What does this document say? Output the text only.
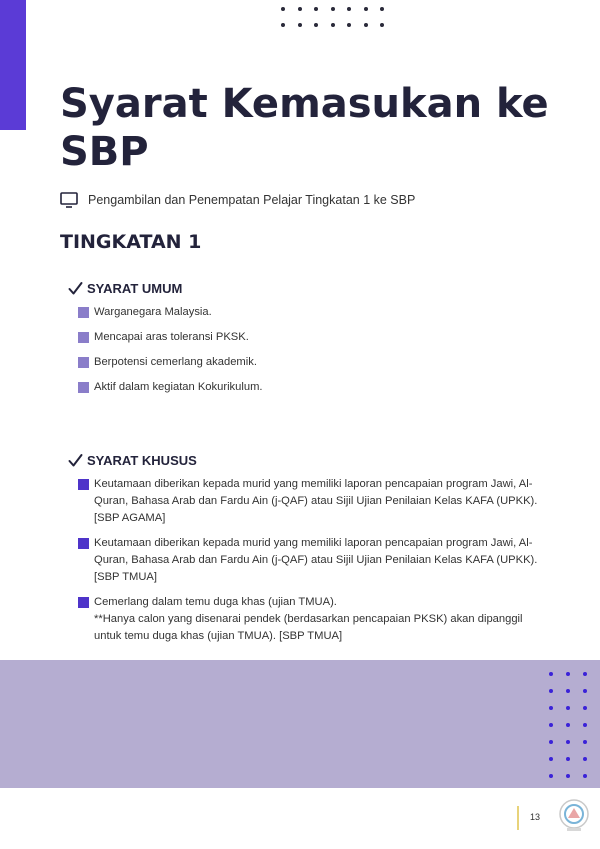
Syarat Kemasukan ke SBP
Pengambilan dan Penempatan Pelajar Tingkatan 1 ke SBP
TINGKATAN 1
SYARAT UMUM
Warganegara Malaysia.
Mencapai aras toleransi PKSK.
Berpotensi cemerlang akademik.
Aktif dalam kegiatan Kokurikulum.
SYARAT KHUSUS
Keutamaan diberikan kepada murid yang memiliki laporan pencapaian program Jawi, Al-Quran, Bahasa Arab dan Fardu Ain (j-QAF) atau Sijil Ujian Penilaian Kelas KAFA (UPKK). [SBP AGAMA]
Keutamaan diberikan kepada murid yang memiliki laporan pencapaian program Jawi, Al-Quran, Bahasa Arab dan Fardu Ain (j-QAF) atau Sijil Ujian Penilaian Kelas KAFA (UPKK). [SBP TMUA]
Cemerlang dalam temu duga khas (ujian TMUA).
**Hanya calon yang disenarai pendek (berdasarkan pencapaian PKSK) akan dipanggil untuk temu duga khas (ujian TMUA). [SBP TMUA]
13
